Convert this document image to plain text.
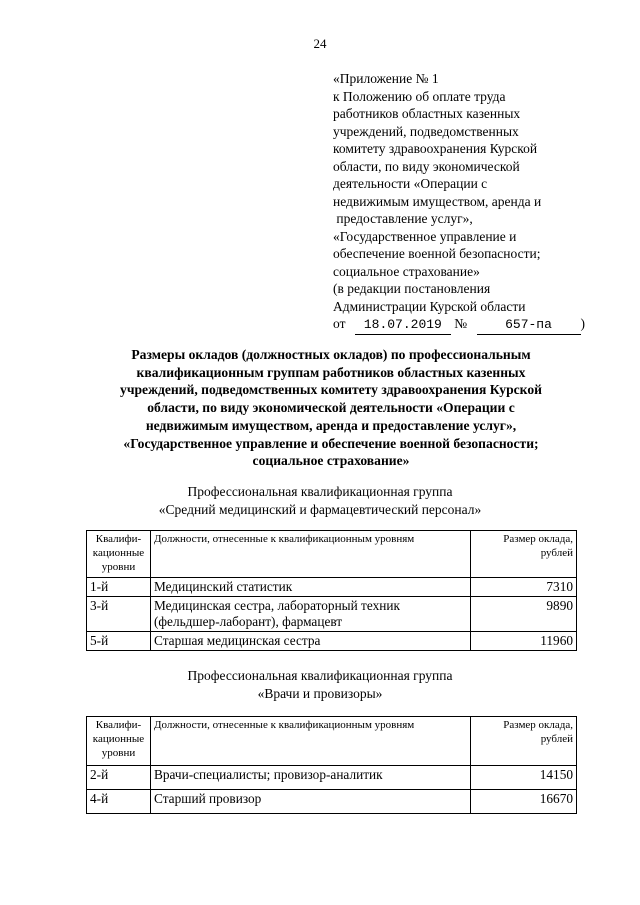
24
«Приложение № 1
к Положению об оплате труда
работников областных казенных
учреждений, подведомственных
комитету здравоохранения Курской
области, по виду экономической
деятельности «Операции с
недвижимым имуществом, аренда и
предоставление услуг»,
«Государственное управление и
обеспечение военной безопасности;
социальное страхование»
(в редакции постановления
Администрации Курской области
от 18.07.2019 №	657-па )
Размеры окладов (должностных окладов) по профессиональным
квалификационным группам работников областных казенных
учреждений, подведомственных комитету здравоохранения Курской
области, по виду экономической деятельности «Операции с
недвижимым имуществом, аренда и предоставление услуг»,
«Государственное управление и обеспечение военной безопасности;
социальное страхование»
Профессиональная квалификационная группа
«Средний медицинский и фармацевтический персонал»
Квалифи-
кационные
уровни	Должности, отнесенные к квалификационным уровням	Размер оклада,
рублей
1-й	Медицинский статистик	7310
3-й	Медицинская сестра, лабораторный техник
(фельдшер-лаборант), фармацевт	9890
5-й	Старшая медицинская сестра	11960
Профессиональная квалификационная группа
«Врачи и провизоры»
Квалифи-
кационные
уровни	Должности, отнесенные к квалификационным уровням	Размер оклада,
рублей
2-й	Врачи-специалисты; провизор-аналитик	14150
4-й	Старший провизор	16670
